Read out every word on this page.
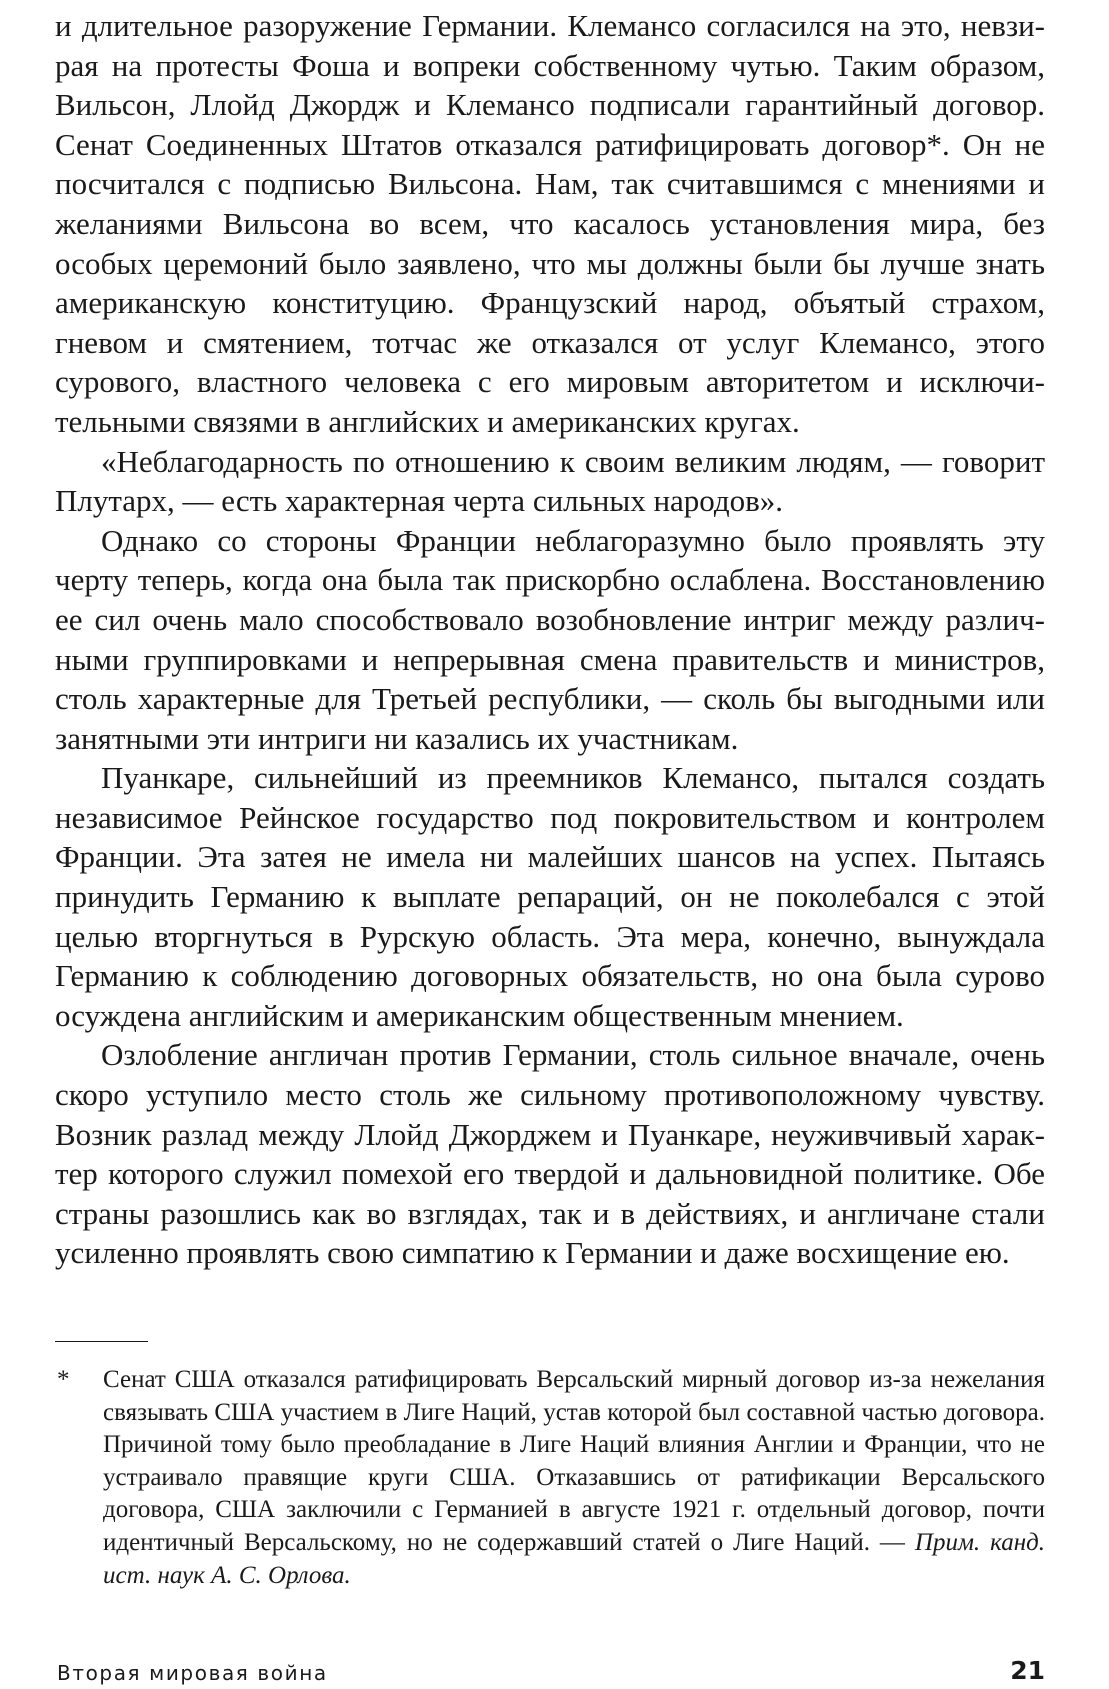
и длительное разоружение Германии. Клемансо согласился на это, невзирая на протесты Фоша и вопреки собственному чутью. Таким образом, Вильсон, Ллойд Джордж и Клемансо подписали гарантийный договор. Сенат Соединенных Штатов отказался ратифицировать договор*. Он не посчитался с подписью Вильсона. Нам, так считавшимся с мнениями и желаниями Вильсона во всем, что касалось установления мира, без особых церемоний было заявлено, что мы должны были бы лучше знать американскую конституцию. Французский народ, объятый страхом, гневом и смятением, тотчас же отказался от услуг Клемансо, этого сурового, властного человека с его мировым авторитетом и исключительными связями в английских и американских кругах.

«Неблагодарность по отношению к своим великим людям, — говорит Плутарх, — есть характерная черта сильных народов».

Однако со стороны Франции неблагоразумно было проявлять эту черту теперь, когда она была так прискорбно ослаблена. Восстановлению ее сил очень мало способствовало возобновление интриг между различными группировками и непрерывная смена правительств и министров, столь характерные для Третьей республики, — сколь бы выгодными или занятными эти интриги ни казались их участникам.

Пуанкаре, сильнейший из преемников Клемансо, пытался создать независимое Рейнское государство под покровительством и контролем Франции. Эта затея не имела ни малейших шансов на успех. Пытаясь принудить Германию к выплате репараций, он не поколебался с этой целью вторгнуться в Рурскую область. Эта мера, конечно, вынуждала Германию к соблюдению договорных обязательств, но она была сурово осуждена английским и американским общественным мнением.

Озлобление англичан против Германии, столь сильное вначале, очень скоро уступило место столь же сильному противоположному чувству. Возник разлад между Ллойд Джорджем и Пуанкаре, неуживчивый характер которого служил помехой его твердой и дальновидной политике. Обе страны разошлись как во взглядах, так и в действиях, и англичане стали усиленно проявлять свою симпатию к Германии и даже восхищение ею.

* Сенат США отказался ратифицировать Версальский мирный договор из-за нежелания связывать США участием в Лиге Наций, устав которой был составной частью договора. Причиной тому было преобладание в Лиге Наций влияния Англии и Франции, что не устраивало правящие круги США. Отказавшись от ратификации Версальского договора, США заключили с Германией в августе 1921 г. отдельный договор, почти идентичный Версальскому, но не содержавший статей о Лиге Наций. — Прим. канд. ист. наук А. С. Орлова.
Вторая мировая война	21
